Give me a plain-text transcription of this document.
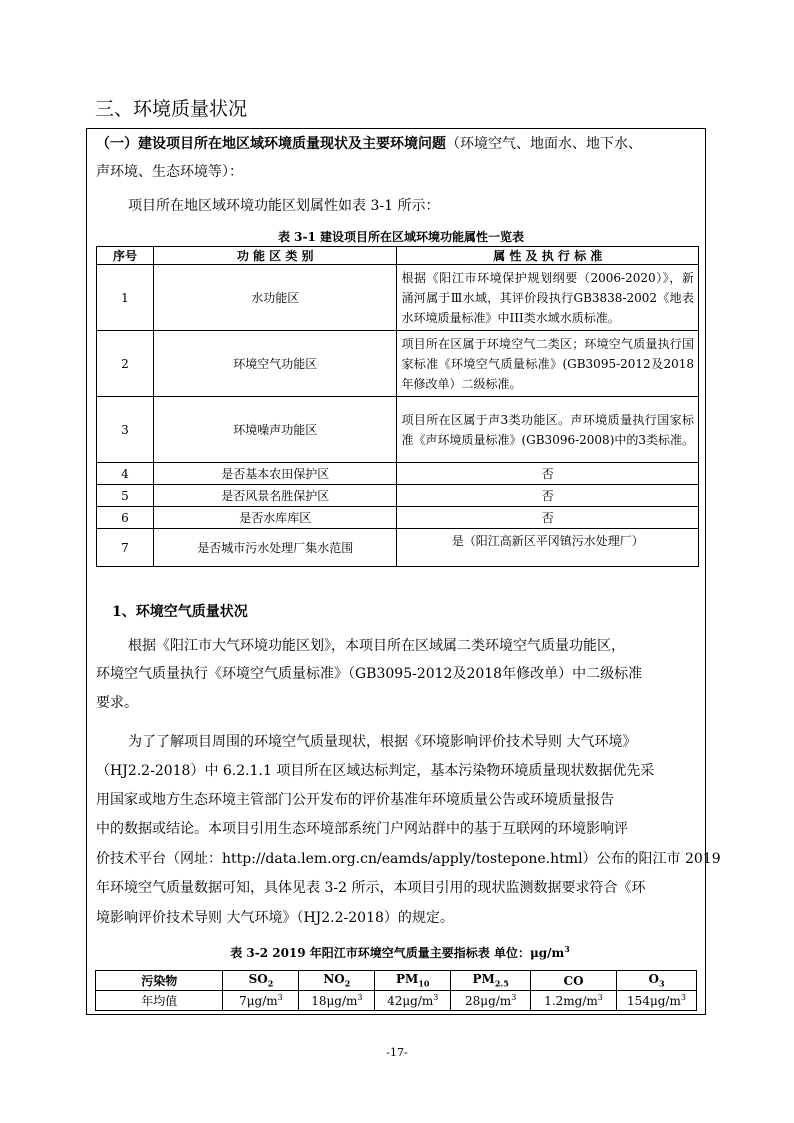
三、环境质量状况
（一）建设项目所在地区域环境质量现状及主要环境问题（环境空气、地面水、地下水、
声环境、生态环境等）：
项目所在地区域环境功能区划属性如表 3-1 所示：
表 3-1 建设项目所在区域环境功能属性一览表
序号	功 能 区 类 别	属 性 及 执 行 标 准
1	水功能区	根据《阳江市环境保护规划纲要（2006-2020）》，新涌河属于Ⅲ水域，其评价段执行GB3838-2002《地表水环境质量标准》中III类水域水质标准。
2	环境空气功能区	项目所在区属于环境空气二类区；环境空气质量执行国家标准《环境空气质量标准》(GB3095-2012及2018年修改单）二级标准。
3	环境噪声功能区	项目所在区属于声3类功能区。声环境质量执行国家标准《声环境质量标准》(GB3096-2008)中的3类标准。
4	是否基本农田保护区	否
5	是否风景名胜保护区	否
6	是否水库库区	否
7	是否城市污水处理厂集水范围	是（阳江高新区平冈镇污水处理厂）
1、环境空气质量状况
根据《阳江市大气环境功能区划》，本项目所在区域属二类环境空气质量功能区，
环境空气质量执行《环境空气质量标准》（GB3095-2012及2018年修改单）中二级标准
要求。
为了了解项目周围的环境空气质量现状，根据《环境影响评价技术导则 大气环境》
（HJ2.2-2018）中 6.2.1.1 项目所在区域达标判定，基本污染物环境质量现状数据优先采
用国家或地方生态环境主管部门公开发布的评价基准年环境质量公告或环境质量报告
中的数据或结论。本项目引用生态环境部系统门户网站群中的基于互联网的环境影响评
价技术平台（网址：http://data.lem.org.cn/eamds/apply/tostepone.html）公布的阳江市 2019
年环境空气质量数据可知，具体见表 3-2 所示，本项目引用的现状监测数据要求符合《环
境影响评价技术导则 大气环境》（HJ2.2-2018）的规定。
表 3-2 2019 年阳江市环境空气质量主要指标表 单位：$\mu g/m^3$
污染物	$SO_2$	$NO_2$	$PM_{10}$	$PM_{2.5}$	CO	$O_3$
年均值	$7\mu g/m^3$	$18\mu g/m^3$	$42\mu g/m^3$	$28\mu g/m^3$	$1.2mg/m^3$	$154\mu g/m^3$
-17-
